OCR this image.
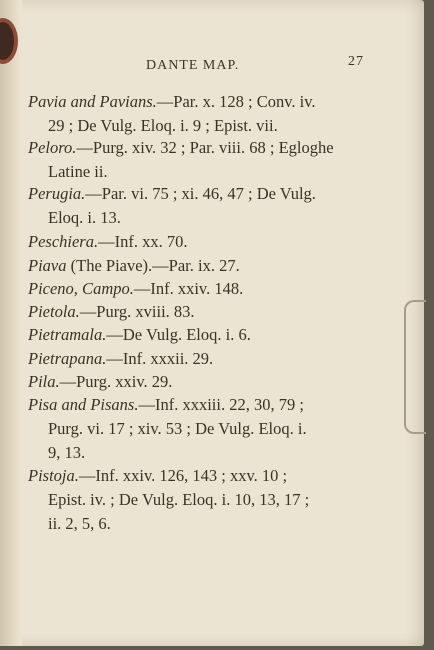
DANTE MAP.	27
Pavia and Pavians.—Par. x. 128 ; Conv. iv.
29 ; De Vulg. Eloq. i. 9 ; Epist. vii.
Peloro.—Purg. xiv. 32 ; Par. viii. 68 ; Egloghe
Latine ii.
Perugia.—Par. vi. 75 ; xi. 46, 47 ; De Vulg.
Eloq. i. 13.
Peschiera.—Inf. xx. 70.
Piava (The Piave).—Par. ix. 27.
Piceno, Campo.—Inf. xxiv. 148.
Pietola.—Purg. xviii. 83.
Pietramala.—De Vulg. Eloq. i. 6.
Pietrapana.—Inf. xxxii. 29.
Pila.—Purg. xxiv. 29.
Pisa and Pisans.—Inf. xxxiii. 22, 30, 79 ;
Purg. vi. 17 ; xiv. 53 ; De Vulg. Eloq. i.
9, 13.
Pistoja.—Inf. xxiv. 126, 143 ; xxv. 10 ;
Epist. iv. ; De Vulg. Eloq. i. 10, 13, 17 ;
ii. 2, 5, 6.
